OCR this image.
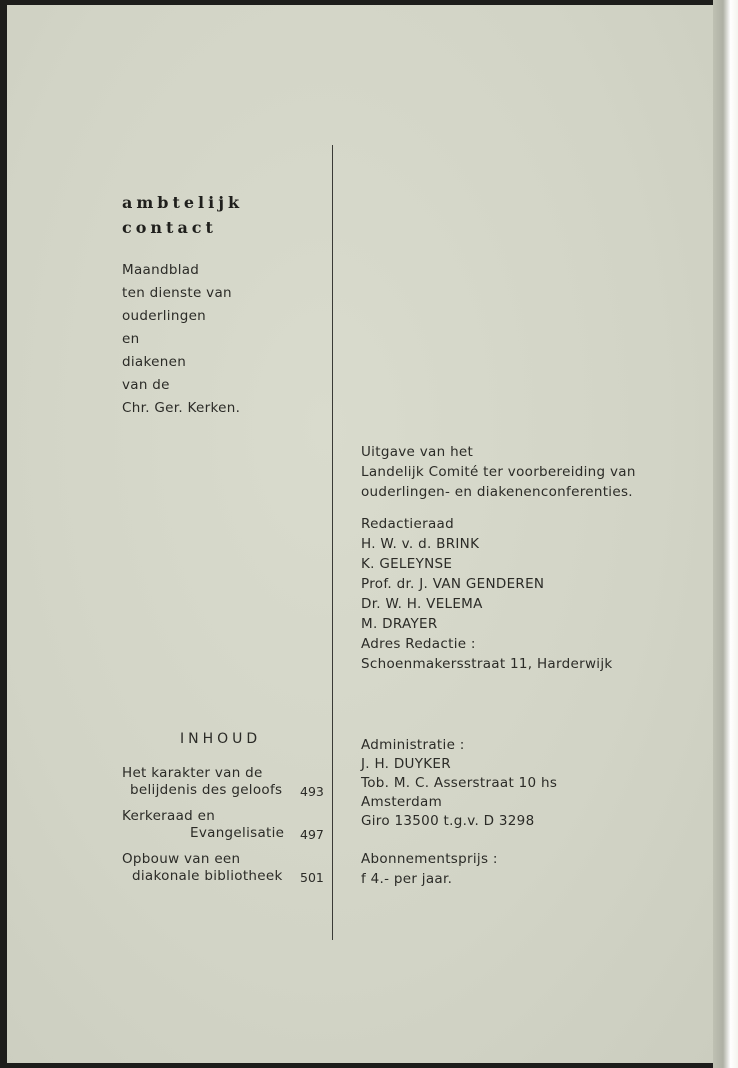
ambtelijk
contact
Maandblad
ten dienste van
ouderlingen
en
diakenen
van de
Chr. Ger. Kerken.
Uitgave van het
Landelijk Comité ter voorbereiding van
ouderlingen- en diakenenconferenties.
Redactieraad
H. W. v. d. BRINK
K. GELEYNSE
Prof. dr. J. VAN GENDEREN
Dr. W. H. VELEMA
M. DRAYER
Adres Redactie :
Schoenmakersstraat 11, Harderwijk
INHOUD
Het karakter van de
belijdenis des geloofs 493
Kerkeraad en
Evangelisatie 497
Opbouw van een
diakonale bibliotheek 501
Administratie :
J. H. DUYKER
Tob. M. C. Asserstraat 10 hs
Amsterdam
Giro 13500 t.g.v. D 3298
Abonnementsprijs :
f 4.- per jaar.
